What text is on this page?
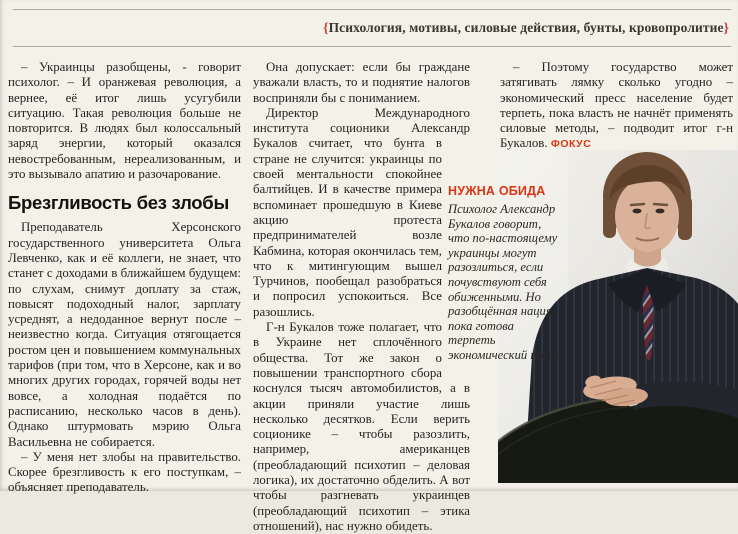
{Психология, мотивы, силовые действия, бунты, кровопролитие}

– Украинцы разобщены, - говорит психолог. – И оранжевая революция, а вернее, её итог лишь усугубили ситуацию. Такая революция больше не повторится. В людях был колоссальный заряд энергии, который оказался невостребованным, нереализованным, и это вызывало апатию и разочарование.

Брезгливость без злобы

Преподаватель Херсонского государственного университета Ольга Левченко, как и её коллеги, не знает, что станет с доходами в ближайшем будущем: по слухам, снимут доплату за стаж, повысят подоходный налог, зарплату усреднят, а недоданное вернут после – неизвестно когда. Ситуация отягощается ростом цен и повышением коммунальных тарифов (при том, что в Херсоне, как и во многих других городах, горячей воды нет вовсе, а холодная подаётся по расписанию, несколько часов в день). Однако штурмовать мэрию Ольга Васильевна не собирается.

– У меня нет злобы на правительство. Скорее брезгливость к его поступкам, – объясняет преподаватель.

Она допускает: если бы граждане уважали власть, то и поднятие налогов восприняли бы с пониманием.

Директор Международного института соционики Александр Букалов считает, что бунта в стране не случится: украинцы по своей ментальности спокойнее балтийцев. И в качестве примера вспоминает прошедшую в Киеве акцию протеста предпринимателей возле Кабмина, которая окончилась тем, что к митингующим вышел Турчинов, пообещал разобраться и попросил успокоиться. Все разошлись.

Г-н Букалов тоже полагает, что в Украине нет сплочённого общества. Тот же закон о повышении транспортного сбора коснулся тысяч автомобилистов, а в акции приняли участие лишь несколько десятков. Если верить соционике – чтобы разозлить, например, американцев (преобладающий психотип – деловая логика), их достаточно обделить. А вот чтобы разгневать украинцев (преобладающий психотип – этика отношений), нас нужно обидеть.

– Поэтому государство может затягивать лямку сколько угодно – экономический пресс население будет терпеть, пока власть не начнёт применять силовые методы, – подводит итог г-н Букалов. ФОКУС

НУЖНА ОБИДА

Психолог Александр Букалов говорит, что по-настоящему украинцы могут разозлиться, если почувствуют себя обиженными. Но разобщённая нация пока готова терпеть экономический пресс
